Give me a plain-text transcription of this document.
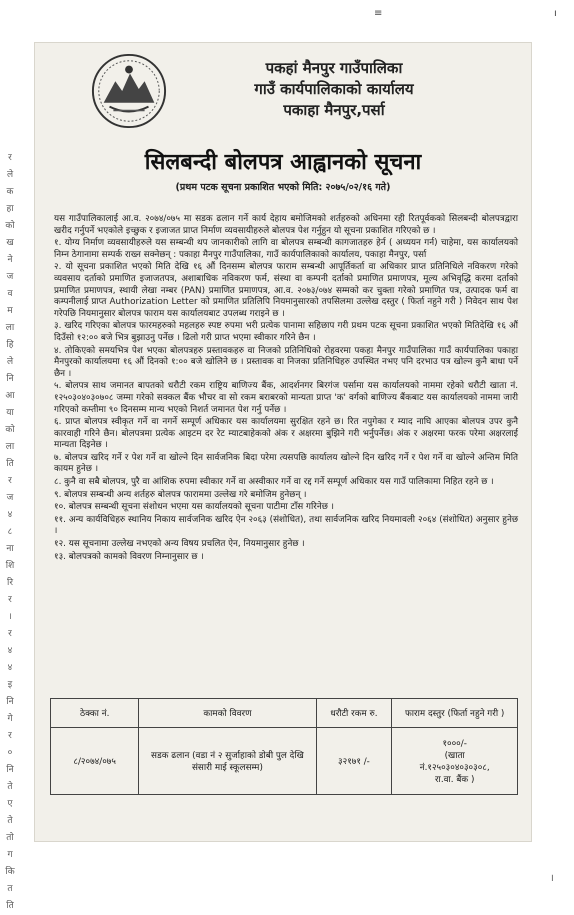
≡	ı
र
ले
क
हा
को
ख
ने
ज
व
म
ला
हि
ले
नि
आ
या
को
ला
ति
र
ज
४
८
ना
शि
रि
र
।
र
४
४
इ
नि
गे
र
०
नि
ते
ए
ते
तो
ग
कि
त
ति
पकहां मैनपुर गाउँपालिका
गाउँ कार्यपालिकाको कार्यालय
पकाहा मैनपुर,पर्सा
सिलबन्दी बोलपत्र आह्वानको सूचना
(प्रथम पटक सूचना प्रकाशित भएको मिति: २०७५/०२/१६ गते)

यस गाउँपालिकालाई आ.व. २०७४/०७५ मा सडक ढलान गर्ने कार्य देहाय बमोजिमको शर्तहरुको अधिनमा रही रितपूर्वकको सिलबन्दी बोलपत्रद्वारा खरीद गर्नुपर्ने भएकोले इच्छुक र इजाजत प्राप्त निर्माण व्यवसायीहरुले बोलपत्र पेश गर्नुहुन यो सूचना प्रकाशित गरिएको छ ।

१. योग्य निर्माण व्यवसायीहरुले यस सम्बन्धी थप जानकारीको लागि वा बोलपत्र सम्बन्धी कागजातहरु हेर्न ( अध्ययन गर्न) चाहेमा, यस कार्यालयको निम्न ठेगानामा सम्पर्क राख्न सक्नेछन् : पकाहा मैनपुर गाउँपालिका, गाउँ कार्यपालिकाको कार्यालय, पकाहा मैनपुर, पर्सा

२. यो सूचना प्रकाशित भएको मिति देखि १६ औं दिनसम्म बोलपत्र फाराम सम्बन्धी आपूर्तिकर्ता वा अधिकार प्राप्त प्रतिनिधिले नविकरण गरेको व्यवसाय दर्ताको प्रमाणित इजाजतपत्र, अशाबाधिक नविकरण फर्म, संस्था वा कम्पनी दर्ताको प्रमाणित प्रमाणपत्र, मूल्य अभिवृद्धि करमा दर्ताको प्रमाणित प्रमाणपत्र, स्थायी लेखा नम्बर (PAN) प्रमाणित प्रमाणपत्र, आ.व. २०७३/०७४ सम्मको कर चुक्ता गरेको प्रमाणित पत्र, उत्पादक फर्म वा कम्पनीलाई प्राप्त Authorization Letter को प्रमाणित प्रतिलिपि नियमानुसारको तपसिलमा उल्लेख दस्तुर ( फिर्ता नहुने गरी ) निवेदन साथ पेश गरेपछि नियमानुसार बोलपत्र फाराम यस कार्यालयबाट उपलब्ध गराइने छ ।

३. खरिद गरिएका बोलपत्र फारमहरुको महलहरु स्पष्ट रुपमा भरी प्रत्येक पानामा सहिछाप गरी प्रथम पटक सूचना प्रकाशित भएको मितिदेखि १६ औं दिउँसो १२:०० बजे भित्र बुझाउनु पर्नेछ । ढिलो गरी प्राप्त भएमा स्वीकार गरिने छैन ।

४. तोकिएको समयभित्र पेश भएका बोलपत्रहरु प्रस्तावकहरु वा निजको प्रतिनिधिको रोहवरमा पकहा मैनपुर गाउँपालिका गाउँ कार्यपालिका पकाहा मैनपुरको कार्यालयमा १६ औं दिनको १:०० बजे खोलिने छ । प्रस्तावक वा निजका प्रतिनिधिहरु उपस्थित नभए पनि दरभाउ पत्र खोल्न कुनै बाधा पर्ने छैन ।

५. बोलपत्र साथ जमानत बापतको धरौटी रकम राष्ट्रिय बाणिज्य बैंक, आदर्शनगर बिरगंज पर्सामा यस कार्यालयको नाममा रहेको धरौटी खाता नं. १२५०३०४०३०७०८ जम्मा गरेको सक्कल बैंक भौचर वा सो रकम बराबरको मान्यता प्राप्त 'क' वर्गको बाणिज्य बैंकबाट यस कार्यालयको नाममा जारी गरिएको कम्तीमा ९० दिनसम्म मान्य भएको निशर्त जमानत पेश गर्नु पर्नेछ ।

६. प्राप्त बोलपत्र स्वीकृत गर्ने वा नगर्ने सम्पूर्ण अधिकार यस कार्यालयमा सुरक्षित रहने छ। रित नपुगेका र म्याद नाघि आएका बोलपत्र उपर कुनै कारवाही गरिने छैन। बोलपत्रमा प्रत्येक आइटम दर रेट म्याटबाहेकको अंक र अक्षरमा बुझिने गरी भर्नुपर्नेछ। अंक र अक्षरमा फरक परेमा अक्षरलाई मान्यता दिइनेछ ।

७. बोलपत्र खरिद गर्ने र पेश गर्ने वा खोल्ने दिन सार्वजनिक बिदा परेमा त्यसपछि कार्यालय खोल्ने दिन खरिद गर्ने र पेश गर्ने वा खोल्ने अन्तिम मिति कायम हुनेछ ।

८. कुनै वा सबै बोलपत्र, पुरै वा आंशिक रुपमा स्वीकार गर्ने वा अस्वीकार गर्ने वा रद्द गर्ने सम्पूर्ण अधिकार यस गाउँ पालिकामा निहित रहने छ ।

९. बोलपत्र सम्बन्धी अन्य शर्तहरु बोलपत्र फाराममा उल्लेख गरे बमोजिम हुनेछन् ।

१०. बोलपत्र सम्बन्धी सूचना संशोधन भएमा यस कार्यालयको सूचना पाटीमा टाँस गरिनेछ ।

११. अन्य कार्यविधिहरु स्थानिय निकाय सार्वजनिक खरिद ऐन २०६३ (संशोधित), तथा सार्वजनिक खरिद नियमावली २०६४ (संशोधित) अनुसार हुनेछ ।

१२. यस सूचनामा उल्लेख नभएको अन्य विषय प्रचलित ऐन, नियमानुसार हुनेछ ।

१३. बोलपत्रको कामको विवरण निम्नानुसार छ ।

ठेक्का नं.	कामको विवरण	धरौटी रकम रु.	फाराम दस्तुर (फिर्ता नहुने गरी )
८/२०७४/०७५	सडक ढलान (वडा नं २ सुर्जाहाको डोबी पुल देखि संसारी माई स्कूलसम्म)	३२१७१ /-	१०००/-
(खाता
नं.१२५०३०४०३०३०८,
रा.वा. बैंक )
।
